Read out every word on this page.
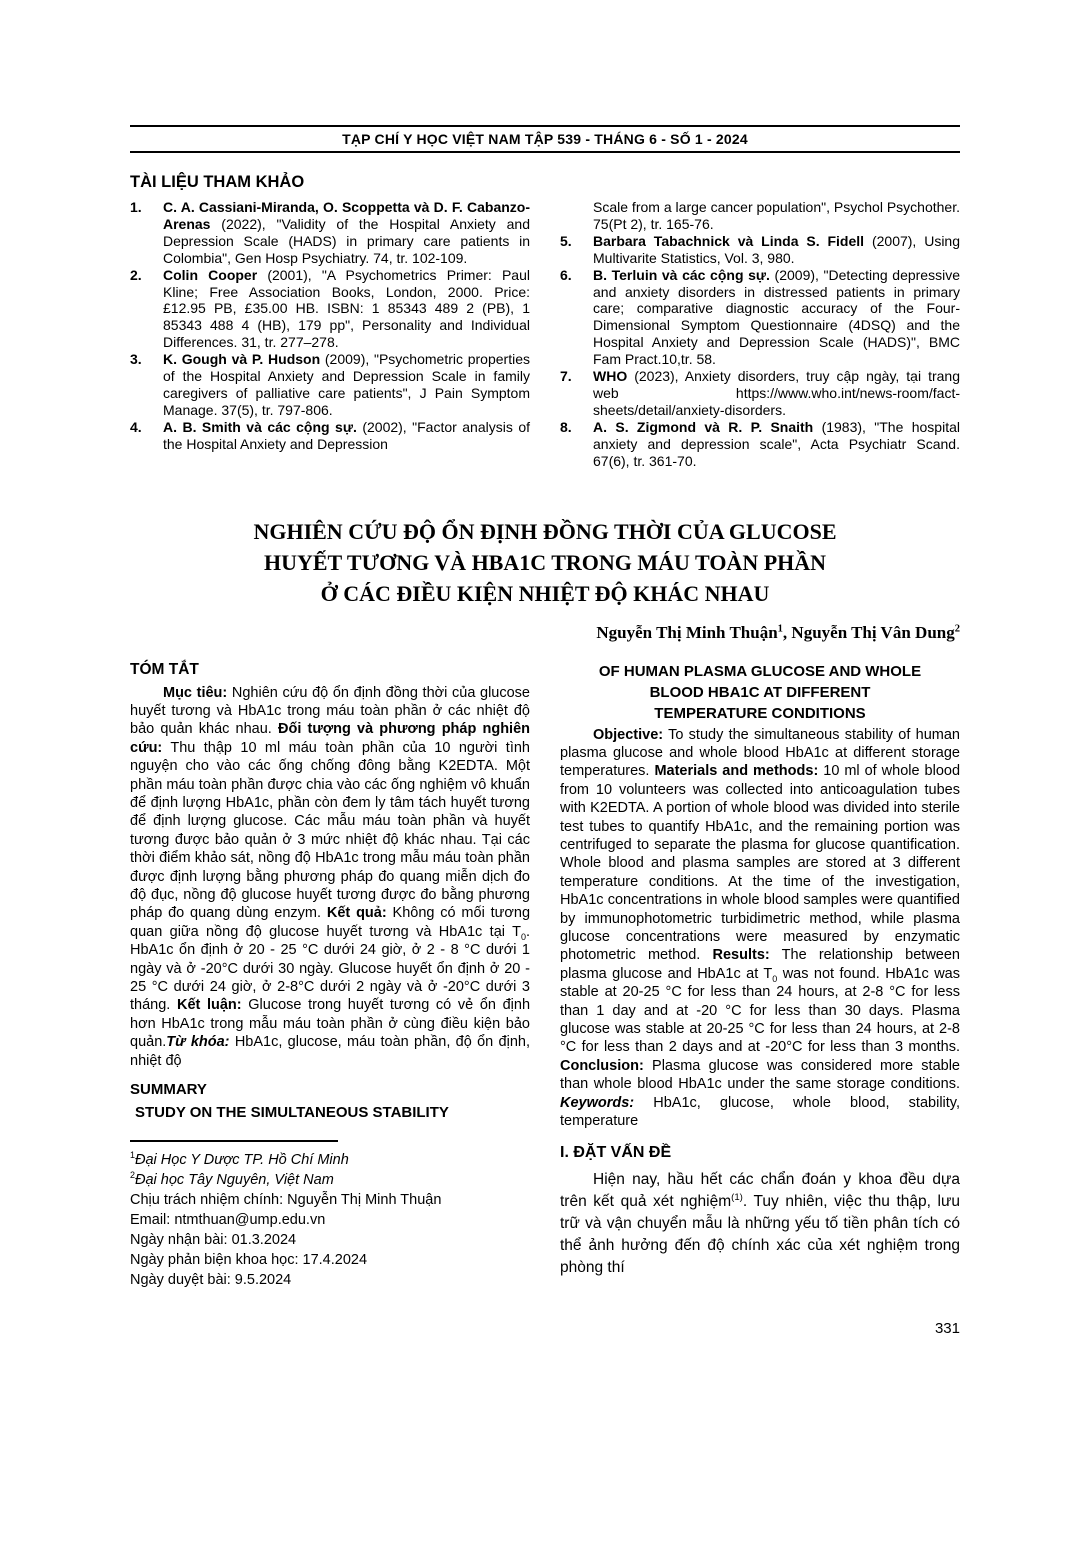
TẠP CHÍ Y HỌC VIỆT NAM TẬP 539 - THÁNG 6 - SỐ 1 - 2024
TÀI LIỆU THAM KHẢO

1. C. A. Cassiani-Miranda, O. Scoppetta và D. F. Cabanzo-Arenas (2022), "Validity of the Hospital Anxiety and Depression Scale (HADS) in primary care patients in Colombia", Gen Hosp Psychiatry. 74, tr. 102-109.

2. Colin Cooper (2001), "A Psychometrics Primer: Paul Kline; Free Association Books, London, 2000. Price: £12.95 PB, £35.00 HB. ISBN: 1 85343 489 2 (PB), 1 85343 488 4 (HB), 179 pp", Personality and Individual Differences. 31, tr. 277–278.

3. K. Gough và P. Hudson (2009), "Psychometric properties of the Hospital Anxiety and Depression Scale in family caregivers of palliative care patients", J Pain Symptom Manage. 37(5), tr. 797-806.

4. A. B. Smith và các cộng sự. (2002), "Factor analysis of the Hospital Anxiety and Depression

Scale from a large cancer population", Psychol Psychother. 75(Pt 2), tr. 165-76.

5. Barbara Tabachnick và Linda S. Fidell (2007), Using Multivarite Statistics, Vol. 3, 980.

6. B. Terluin và các cộng sự. (2009), "Detecting depressive and anxiety disorders in distressed patients in primary care; comparative diagnostic accuracy of the Four-Dimensional Symptom Questionnaire (4DSQ) and the Hospital Anxiety and Depression Scale (HADS)", BMC Fam Pract.10,tr. 58.

7. WHO (2023), Anxiety disorders, truy cập ngày, tại trang web https://www.who.int/news-room/fact-sheets/detail/anxiety-disorders.

8. A. S. Zigmond và R. P. Snaith (1983), "The hospital anxiety and depression scale", Acta Psychiatr Scand. 67(6), tr. 361-70.

NGHIÊN CỨU ĐỘ ỔN ĐỊNH ĐỒNG THỜI CỦA GLUCOSE
HUYẾT TƯƠNG VÀ HBA1C TRONG MÁU TOÀN PHẦN
Ở CÁC ĐIỀU KIỆN NHIỆT ĐỘ KHÁC NHAU
Nguyễn Thị Minh Thuận$^1$, Nguyễn Thị Vân Dung$^2$
TÓM TẮT

Mục tiêu: Nghiên cứu độ ổn định đồng thời của glucose huyết tương và HbA1c trong máu toàn phần ở các nhiệt độ bảo quản khác nhau. Đối tượng và phương pháp nghiên cứu: Thu thập 10 ml máu toàn phần của 10 người tình nguyện cho vào các ống chống đông bằng K2EDTA. Một phần máu toàn phần được chia vào các ống nghiệm vô khuẩn để định lượng HbA1c, phần còn đem ly tâm tách huyết tương để định lượng glucose. Các mẫu máu toàn phần và huyết tương được bảo quản ở 3 mức nhiệt độ khác nhau. Tại các thời điểm khảo sát, nồng độ HbA1c trong mẫu máu toàn phần được định lượng bằng phương pháp đo quang miễn dịch đo độ đục, nồng độ glucose huyết tương được đo bằng phương pháp đo quang dùng enzym. Kết quả: Không có mối tương quan giữa nồng độ glucose huyết tương và HbA1c tại $T_0$. HbA1c ổn định ở 20 - 25 °C dưới 24 giờ, ở 2 - 8 °C dưới 1 ngày và ở -20°C dưới 30 ngày. Glucose huyết ổn định ở 20 - 25 °C dưới 24 giờ, ở 2-8°C dưới 2 ngày và ở -20°C dưới 3 tháng. Kết luận: Glucose trong huyết tương có vẻ ổn định hơn HbA1c trong mẫu máu toàn phần ở cùng điều kiện bảo quản.Từ khóa: HbA1c, glucose, máu toàn phần, độ ổn định, nhiệt độ

SUMMARY
STUDY ON THE SIMULTANEOUS STABILITY
$^1$Đại Học Y Dược TP. Hồ Chí Minh
$^2$Đại học Tây Nguyên, Việt Nam
Chịu trách nhiệm chính: Nguyễn Thị Minh Thuận
Email: ntmthuan@ump.edu.vn
Ngày nhận bài: 01.3.2024
Ngày phản biện khoa học: 17.4.2024
Ngày duyệt bài: 9.5.2024
OF HUMAN PLASMA GLUCOSE AND WHOLE
BLOOD HBA1C AT DIFFERENT
TEMPERATURE CONDITIONS

Objective: To study the simultaneous stability of human plasma glucose and whole blood HbA1c at different storage temperatures. Materials and methods: 10 ml of whole blood from 10 volunteers was collected into anticoagulation tubes with K2EDTA. A portion of whole blood was divided into sterile test tubes to quantify HbA1c, and the remaining portion was centrifuged to separate the plasma for glucose quantification. Whole blood and plasma samples are stored at 3 different temperature conditions. At the time of the investigation, HbA1c concentrations in whole blood samples were quantified by immunophotometric turbidimetric method, while plasma glucose concentrations were measured by enzymatic photometric method. Results: The relationship between plasma glucose and HbA1c at $T_0$ was not found. HbA1c was stable at 20-25 °C for less than 24 hours, at 2-8 °C for less than 1 day and at -20 °C for less than 30 days. Plasma glucose was stable at 20-25 °C for less than 24 hours, at 2-8 °C for less than 2 days and at -20°C for less than 3 months. Conclusion: Plasma glucose was considered more stable than whole blood HbA1c under the same storage conditions. Keywords: HbA1c, glucose, whole blood, stability, temperature

I. ĐẶT VẤN ĐỀ

Hiện nay, hầu hết các chẩn đoán y khoa đều dựa trên kết quả xét nghiệm$^{(1)}$. Tuy nhiên, việc thu thập, lưu trữ và vận chuyển mẫu là những yếu tố tiền phân tích có thể ảnh hưởng đến độ chính xác của xét nghiệm trong phòng thí

331
